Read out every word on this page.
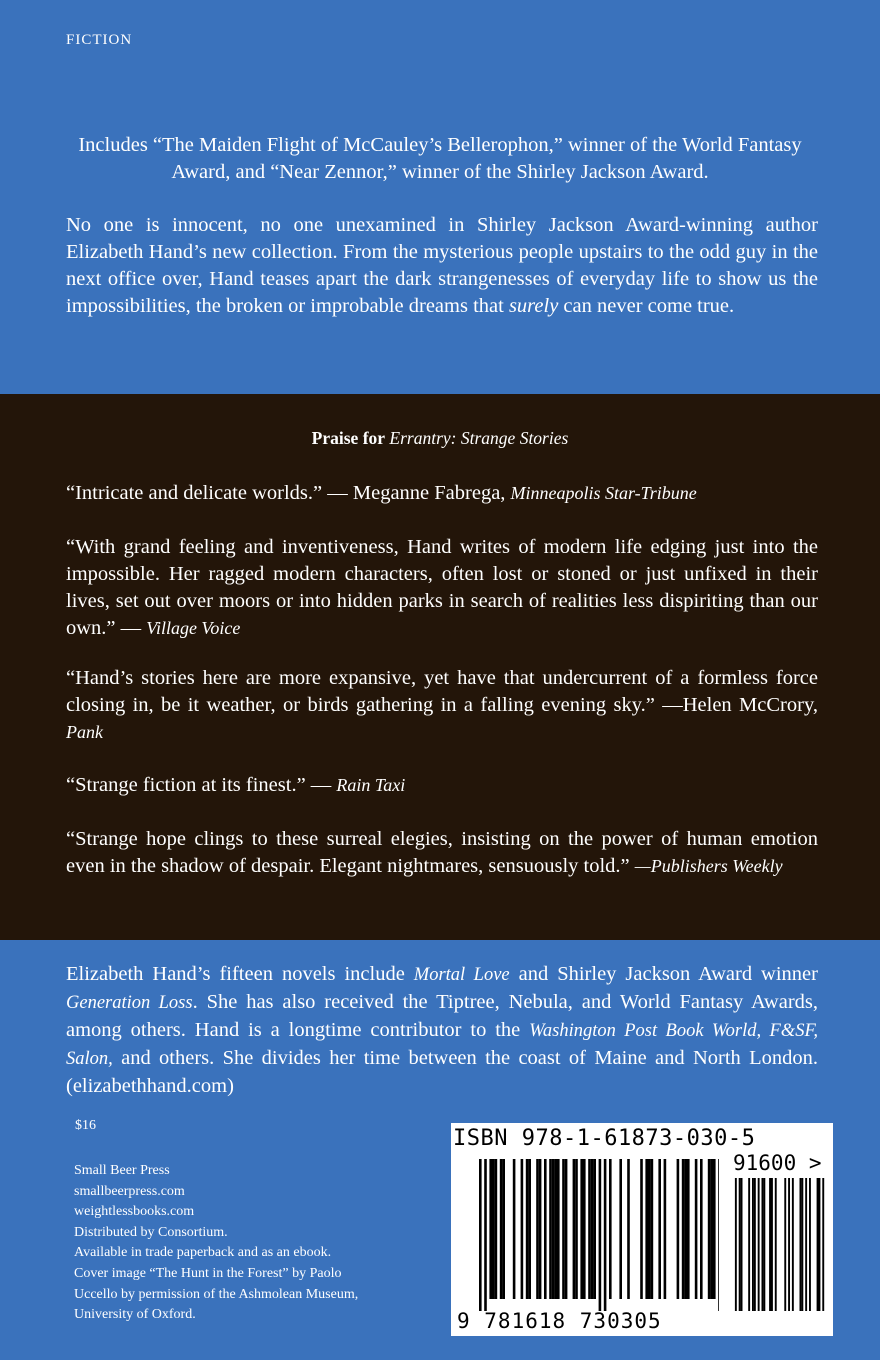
FICTION
Includes “The Maiden Flight of McCauley’s Bellerophon,” winner of the World Fantasy Award, and “Near Zennor,” winner of the Shirley Jackson Award.
No one is innocent, no one unexamined in Shirley Jackson Award-winning author Elizabeth Hand’s new collection. From the mysterious people upstairs to the odd guy in the next office over, Hand teases apart the dark strangenesses of everyday life to show us the impossibilities, the broken or improbable dreams that surely can never come true.
Praise for Errantry: Strange Stories
“Intricate and delicate worlds.” — Meganne Fabrega, Minneapolis Star-Tribune
“With grand feeling and inventiveness, Hand writes of modern life edging just into the impossible. Her ragged modern characters, often lost or stoned or just unfixed in their lives, set out over moors or into hidden parks in search of realities less dispiriting than our own.” — Village Voice
“Hand’s stories here are more expansive, yet have that undercurrent of a formless force closing in, be it weather, or birds gathering in a falling evening sky.” —Helen McCrory, Pank
“Strange fiction at its finest.” — Rain Taxi
“Strange hope clings to these surreal elegies, insisting on the power of human emotion even in the shadow of despair. Elegant nightmares, sensuously told.” —Publishers Weekly
Elizabeth Hand’s fifteen novels include Mortal Love and Shirley Jackson Award winner Generation Loss. She has also received the Tiptree, Nebula, and World Fantasy Awards, among others. Hand is a longtime contributor to the Washington Post Book World, F&SF, Salon, and others. She divides her time between the coast of Maine and North London. (elizabethhand.com)
$16
Small Beer Press
smallbeerpress.com
weightlessbooks.com
Distributed by Consortium.
Available in trade paperback and as an ebook.
Cover image “The Hunt in the Forest” by Paolo Uccello by permission of the Ashmolean Museum, University of Oxford.
ISBN 978-1-61873-030-5
91600 >
9 781618 730305
